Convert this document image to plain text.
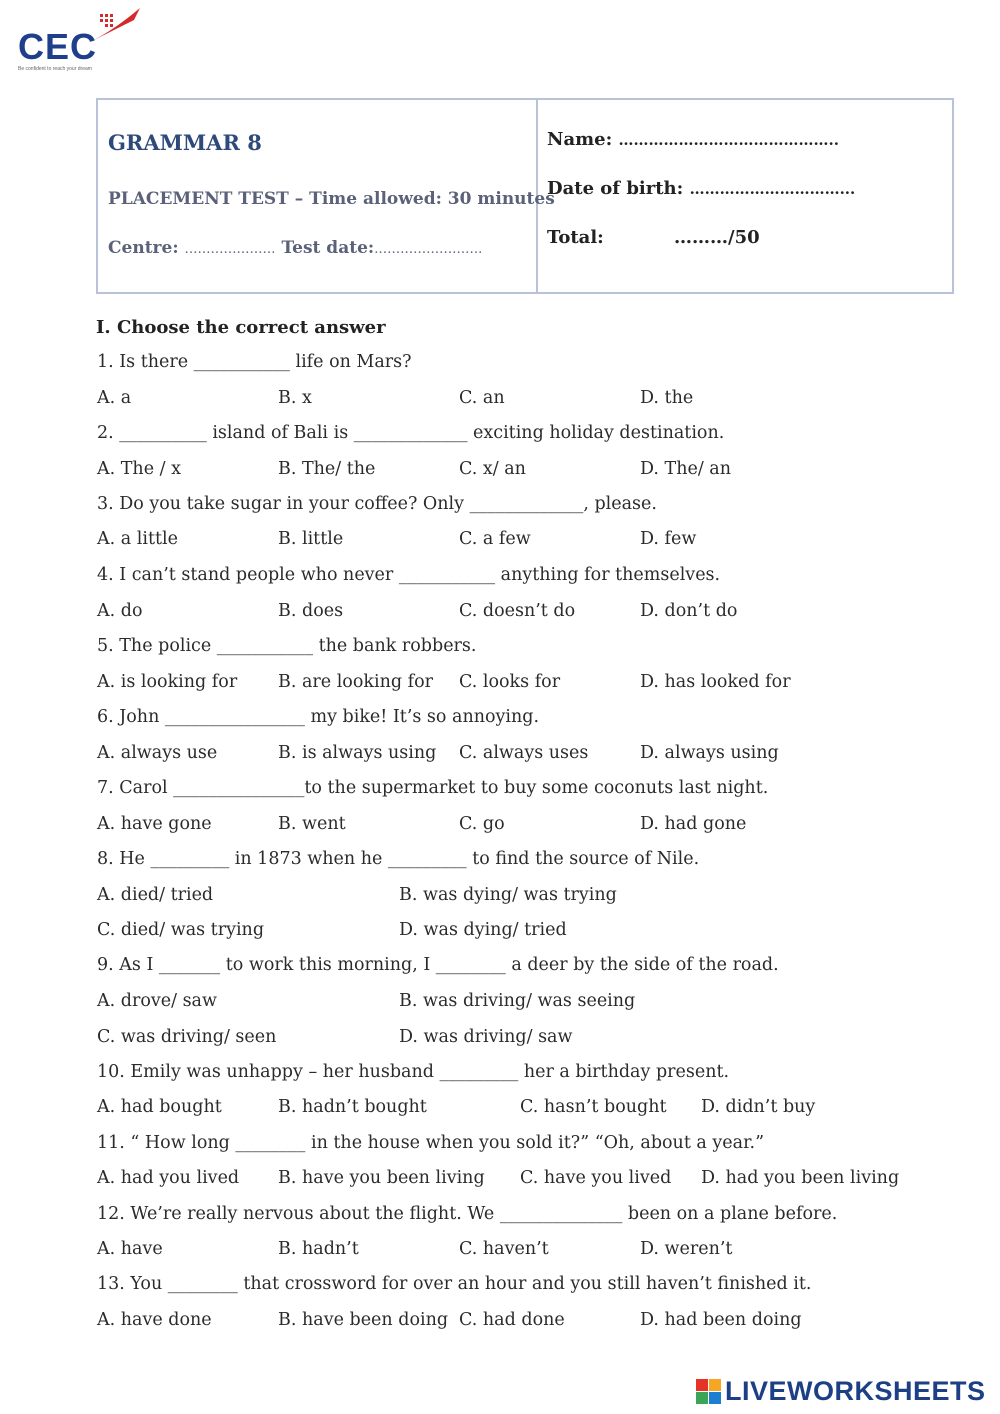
CEC
Be confident to reach your dream
GRAMMAR 8
PLACEMENT TEST – Time allowed: 30 minutes
Centre: ………………… Test date:…………………….
Name: ……………………………………..
Date of birth: …………………………...
Total:	………/50
I. Choose the correct answer
1. Is there ___________ life on Mars?
A. a	B. x	C. an	D. the
2. __________ island of Bali is _____________ exciting holiday destination.
A. The / x	B. The/ the	C. x/ an	D. The/ an
3. Do you take sugar in your coffee? Only _____________, please.
A. a little	B. little	C. a few	D. few
4. I can’t stand people who never ___________ anything for themselves.
A. do	B. does	C. doesn’t do	D. don’t do
5. The police ___________ the bank robbers.
A. is looking for B. are looking for C. looks for	D. has looked for
6. John ________________ my bike! It’s so annoying.
A. always use	B. is always using C. always uses	D. always using
7. Carol _______________to the supermarket to buy some coconuts last night.
A. have gone	B. went	C. go	D. had gone
8. He _________ in 1873 when he _________ to find the source of Nile.
A. died/ tried	B. was dying/ was trying
C. died/ was trying	D. was dying/ tried
9. As I _______ to work this morning, I ________ a deer by the side of the road.
A. drove/ saw	B. was driving/ was seeing
C. was driving/ seen	D. was driving/ saw
10. Emily was unhappy – her husband _________ her a birthday present.
A. had bought	B. hadn’t bought	C. hasn’t bought D. didn’t buy
11. “ How long ________ in the house when you sold it?” “Oh, about a year.”
A. had you lived B. have you been living C. have you lived D. had you been living
12. We’re really nervous about the flight. We ______________ been on a plane before.
A. have	B. hadn’t	C. haven’t	D. weren’t
13. You ________ that crossword for over an hour and you still haven’t finished it.
A. have done	B. have been doing C. had done	D. had been doing
LIVEWORKSHEETS
